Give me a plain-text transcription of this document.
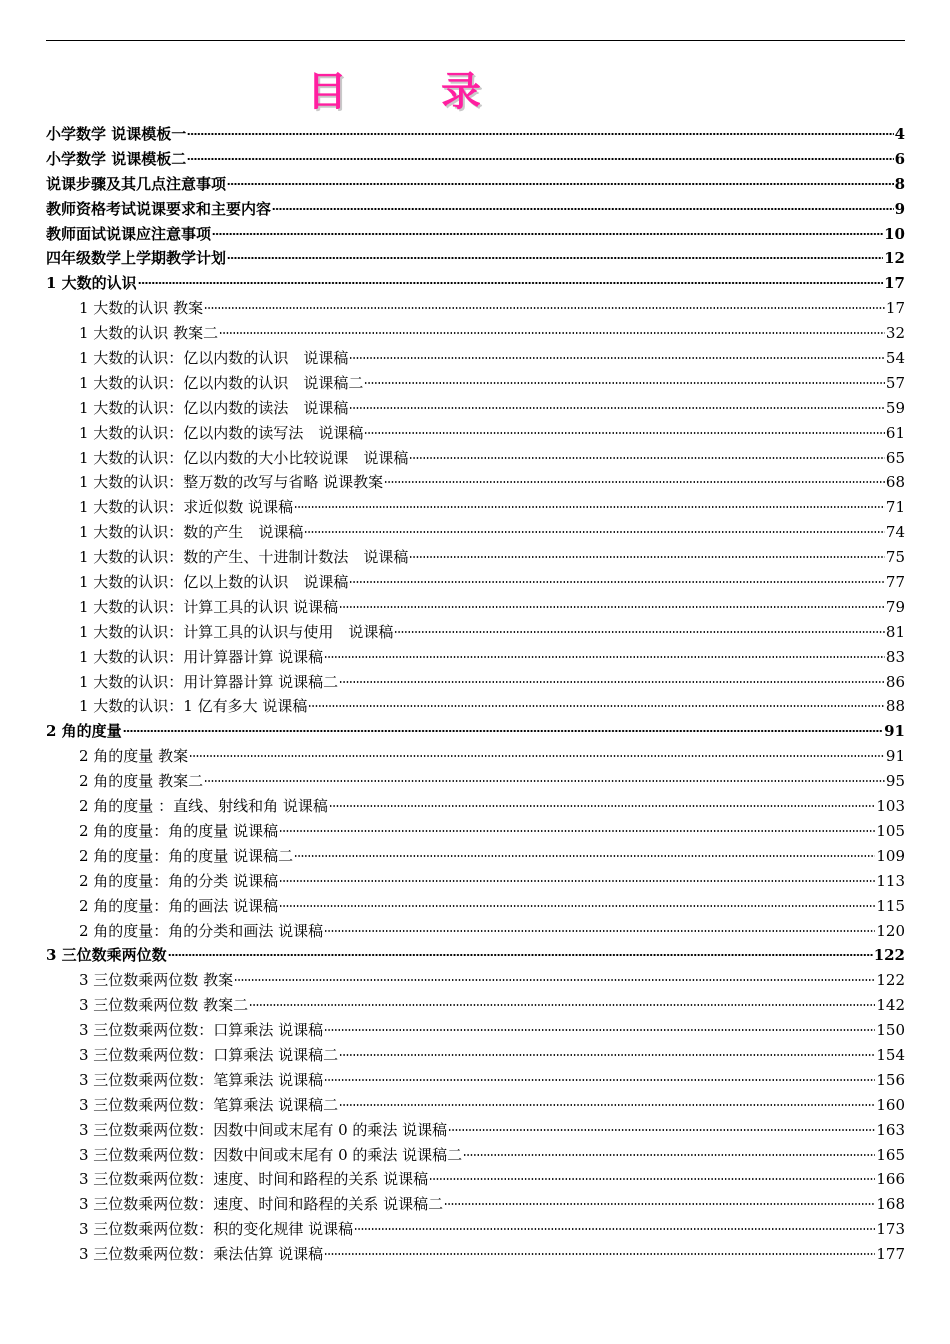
目 录
小学数学 说课模板一	4
小学数学 说课模板二	6
说课步骤及其几点注意事项	8
教师资格考试说课要求和主要内容	9
教师面试说课应注意事项	10
四年级数学上学期教学计划	12
1 大数的认识	17
1 大数的认识 教案	17
1 大数的认识 教案二	32
1 大数的认识：亿以内数的认识　说课稿	54
1 大数的认识：亿以内数的认识　说课稿二	57
1 大数的认识：亿以内数的读法　说课稿	59
1 大数的认识：亿以内数的读写法　说课稿	61
1 大数的认识：亿以内数的大小比较说课　说课稿	65
1 大数的认识：整万数的改写与省略 说课教案	68
1 大数的认识：求近似数 说课稿	71
1 大数的认识：数的产生　说课稿	74
1 大数的认识：数的产生、十进制计数法　说课稿	75
1 大数的认识：亿以上数的认识　说课稿	77
1 大数的认识：计算工具的认识 说课稿	79
1 大数的认识：计算工具的认识与使用　说课稿	81
1 大数的认识：用计算器计算 说课稿	83
1 大数的认识：用计算器计算 说课稿二	86
1 大数的认识：1 亿有多大 说课稿	88
2 角的度量	91
2 角的度量 教案	91
2 角的度量 教案二	95
2 角的度量 ：直线、射线和角 说课稿	103
2 角的度量：角的度量 说课稿	105
2 角的度量：角的度量 说课稿二	109
2 角的度量：角的分类 说课稿	113
2 角的度量：角的画法 说课稿	115
2 角的度量：角的分类和画法 说课稿	120
3 三位数乘两位数	122
3 三位数乘两位数 教案	122
3 三位数乘两位数 教案二	142
3 三位数乘两位数：口算乘法 说课稿	150
3 三位数乘两位数：口算乘法 说课稿二	154
3 三位数乘两位数：笔算乘法 说课稿	156
3 三位数乘两位数：笔算乘法 说课稿二	160
3 三位数乘两位数：因数中间或末尾有 0 的乘法 说课稿	163
3 三位数乘两位数：因数中间或末尾有 0 的乘法 说课稿二	165
3 三位数乘两位数：速度、时间和路程的关系 说课稿	166
3 三位数乘两位数：速度、时间和路程的关系 说课稿二	168
3 三位数乘两位数：积的变化规律 说课稿	173
3 三位数乘两位数：乘法估算 说课稿	177
